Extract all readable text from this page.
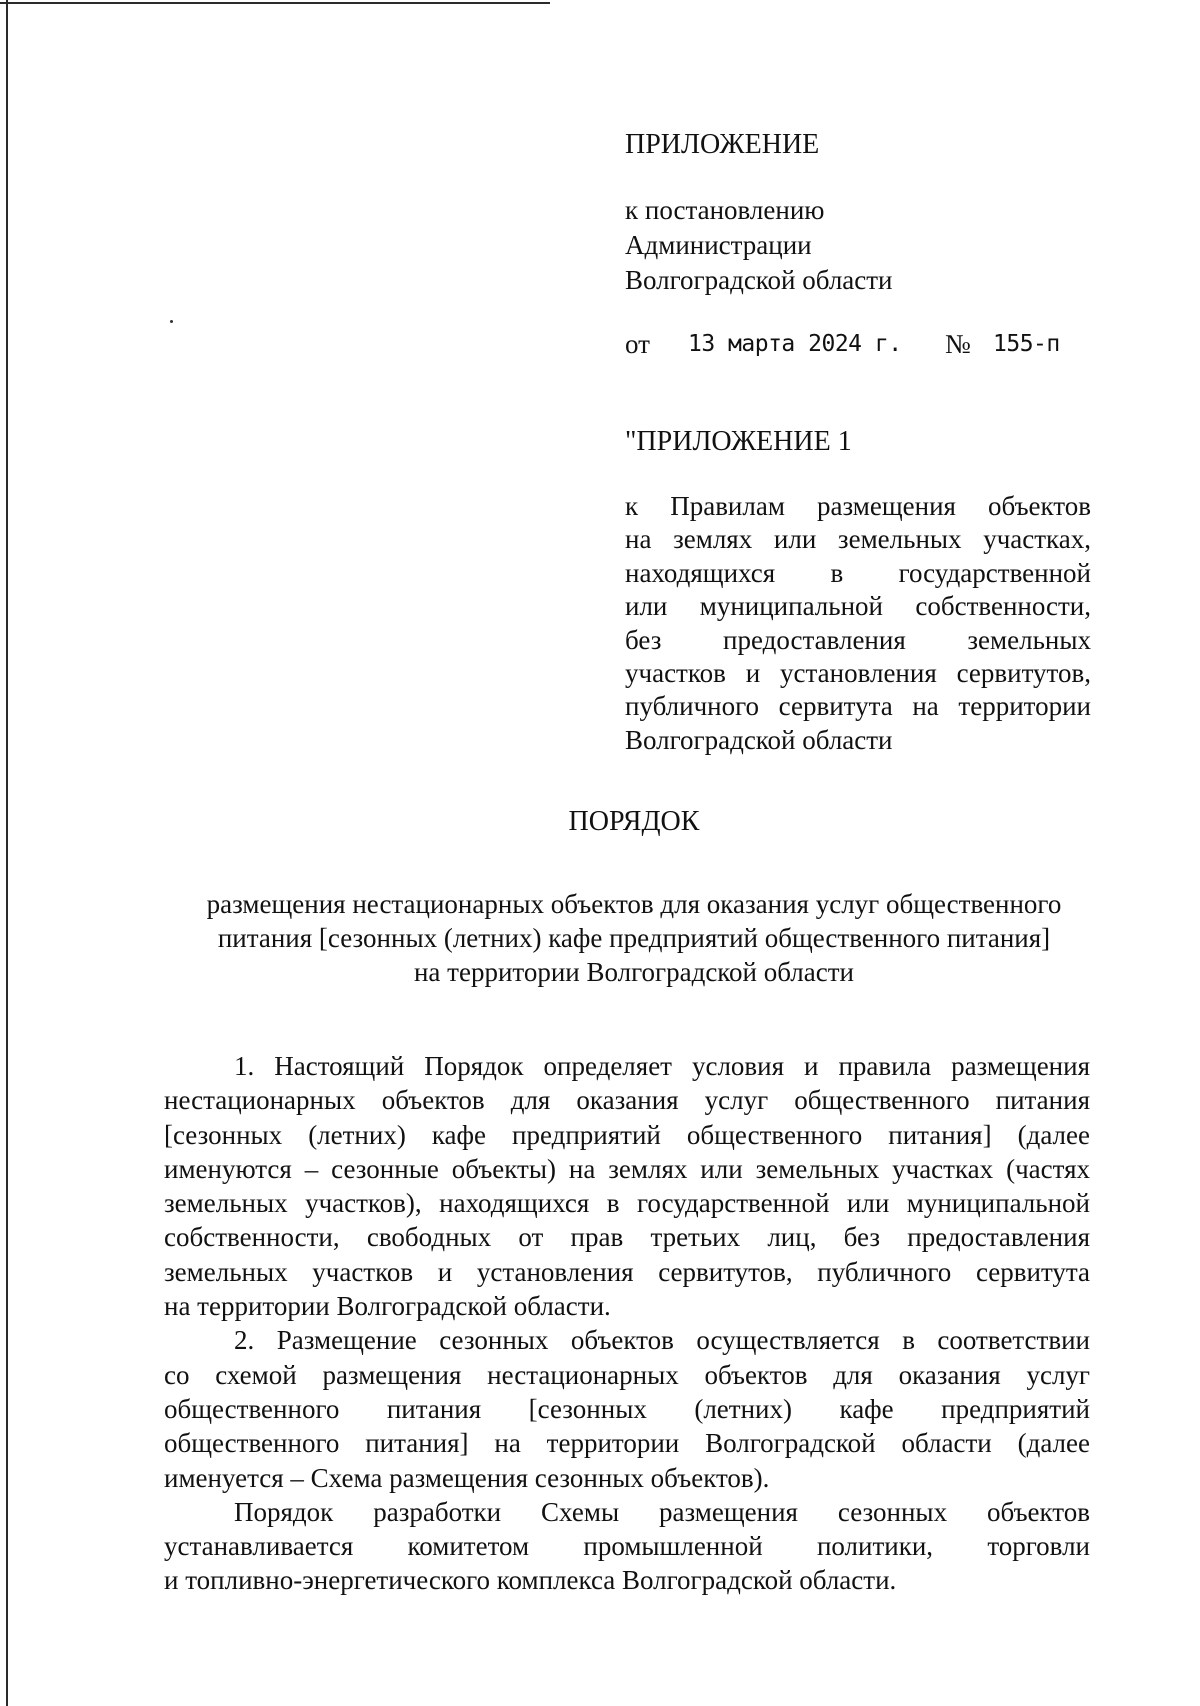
ПРИЛОЖЕНИЕ
к постановлению
Администрации
Волгоградской области
от 13 марта 2024 г. № 155-п
"ПРИЛОЖЕНИЕ 1
к Правилам размещения объектов
на землях или земельных участках,
находящихся в государственной
или муниципальной собственности,
без предоставления земельных
участков и установления сервитутов,
публичного сервитута на территории
Волгоградской области
ПОРЯДОК
размещения нестационарных объектов для оказания услуг общественного
питания [сезонных (летних) кафе предприятий общественного питания]
на территории Волгоградской области
1. Настоящий Порядок определяет условия и правила размещения
нестационарных объектов для оказания услуг общественного питания
[сезонных (летних) кафе предприятий общественного питания] (далее
именуются – сезонные объекты) на землях или земельных участках (частях
земельных участков), находящихся в государственной или муниципальной
собственности, свободных от прав третьих лиц, без предоставления
земельных участков и установления сервитутов, публичного сервитута
на территории Волгоградской области.
2. Размещение сезонных объектов осуществляется в соответствии
со схемой размещения нестационарных объектов для оказания услуг
общественного питания [сезонных (летних) кафе предприятий
общественного питания] на территории Волгоградской области (далее
именуется – Схема размещения сезонных объектов).
Порядок разработки Схемы размещения сезонных объектов
устанавливается комитетом промышленной политики, торговли
и топливно-энергетического комплекса Волгоградской области.
